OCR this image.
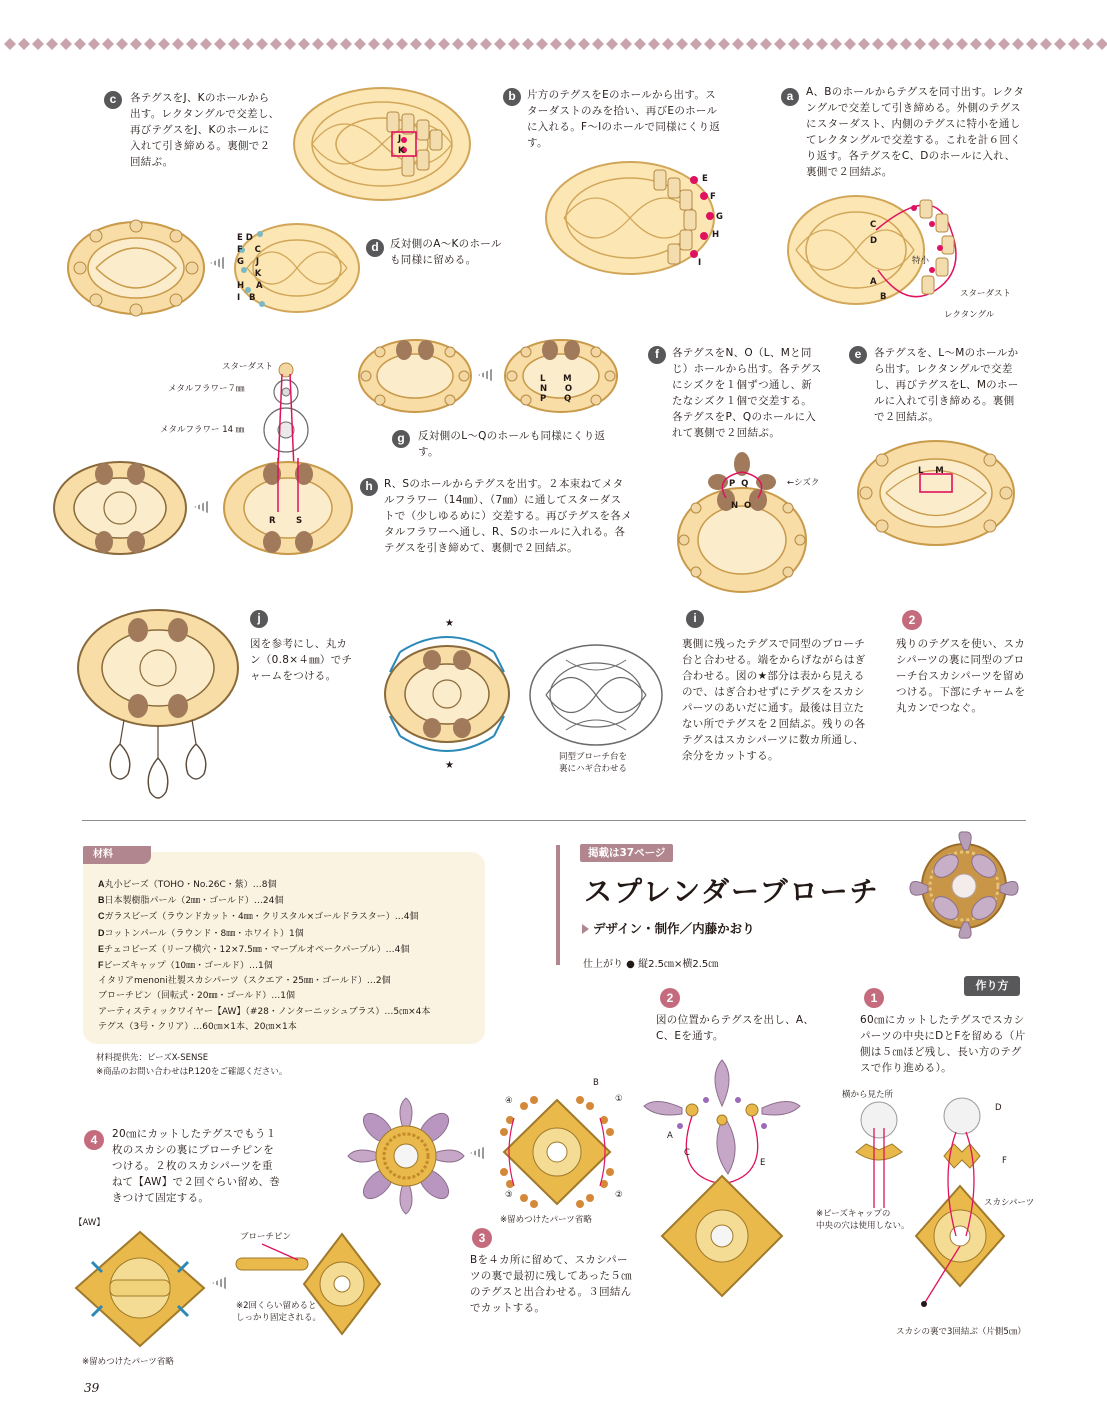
c	各テグスをJ、Kのホールから出す。レクタングルで交差し、再びテグスをJ、Kのホールに入れて引き締める。裏側で２回結ぶ。
J
K
b	片方のテグスをEのホールから出す。スターダストのみを拾い、再びEのホールに入れる。F〜Iのホールで同様にくり返す。
E
F
G
H
I
a	A、Bのホールからテグスを同寸出す。レクタングルで交差して引き締める。外側のテグスにスターダスト、内側のテグスに特小を通してレクタングルで交差する。これを計６回くり返す。各テグスをC、Dのホールに入れ、裏側で２回結ぶ。
C
D
A
B
特小
スターダスト
レクタングル
E D
F    C
G    J
K
H    A
I   B
d	反対側のA〜Kのホールも同様に留める。
L      M
N      O
P      Q
g	反対側のL〜Qのホールも同様にくり返す。
スターダスト
メタルフラワー７㎜
メタルフラワー 14 ㎜
R S
h	R、Sのホールからテグスを出す。２本束ねてメタルフラワー（14㎜）、（7㎜）に通してスターダストで（少しゆるめに）交差する。再びテグスを各メタルフラワーへ通し、R、Sのホールに入れる。各テグスを引き締めて、裏側で２回結ぶ。
f	各テグスをN、O（L、Mと同じ）ホールから出す。各テグスにシズクを１個ずつ通し、新たなシズク１個で交差する。各テグスをP、Qのホールに入れて裏側で２回結ぶ。
P  Q
N  O
←シズク
e	各テグスを、L〜Mのホールから出す。レクタングルで交差し、再びテグスをL、Mのホールに入れて引き締める。裏側で２回結ぶ。
L    M
j
図を参考にし、丸カン（0.8×４㎜）でチャームをつける。
★
★
同型ブローチ台を
裏にハギ合わせる
i
裏側に残ったテグスで同型のブローチ台と合わせる。端をからげながらはぎ合わせる。図の★部分は表から見えるので、はぎ合わせずにテグスをスカシパーツのあいだに通す。最後は目立たない所でテグスを２回結ぶ。残りの各テグスはスカシパーツに数カ所通し、余分をカットする。
2
残りのテグスを使い、スカシパーツの裏に同型のブローチ台スカシパーツを留めつける。下部にチャームを丸カンでつなぐ。
材料
A丸小ビーズ（TOHO・No.26C・紫）…8個
B日本製樹脂パール（2㎜・ゴールド）…24個
Cガラスビーズ（ラウンドカット・4㎜・クリスタル×ゴールドラスター）…4個
Dコットンパール（ラウンド・8㎜・ホワイト）1個
Eチェコビーズ（リーフ横穴・12×7.5㎜・マーブルオペークパープル）…4個
Fビーズキャップ（10㎜・ゴールド）…1個
イタリアmenoni社製スカシパーツ（スクエア・25㎜・ゴールド）…2個
ブローチピン（回転式・20㎜・ゴールド）…1個
アーティスティックワイヤー【AW】（#28・ノンターニッシュブラス）…5㎝×4本
テグス（3号・クリア）…60㎝×1本、20㎝×1本
材料提供先：ビーズX-SENSE
※商品のお問い合わせはP.120をご確認ください。
掲載は37ページ
スプレンダーブローチ
デザイン・制作／内藤かおり
仕上がり ● 縦2.5㎝×横2.5㎝
作り方
1
60㎝にカットしたテグスでスカシパーツの中央にDとFを留める（片側は５㎝ほど残し、長い方のテグスで作り進める）。
横から見た所
※ビーズキャップの
中央の穴は使用しない。
D
F
スカシパーツ
スカシの裏で3回結ぶ（片側5㎝）
2
図の位置からテグスを出し、A、C、Eを通す。
A
C
E
B
①
②
③
④
※留めつけたパーツ省略
3
Bを４カ所に留めて、スカシパーツの裏で最初に残してあった５㎝のテグスと出合わせる。３回結んでカットする。
4	20㎝にカットしたテグスでもう１枚のスカシの裏にブローチピンをつける。２枚のスカシパーツを重ねて【AW】で２回ぐらい留め、巻きつけて固定する。
【AW】
※留めつけたパーツ省略
ブローチピン
※2回くらい留めると
しっかり固定される。
39
